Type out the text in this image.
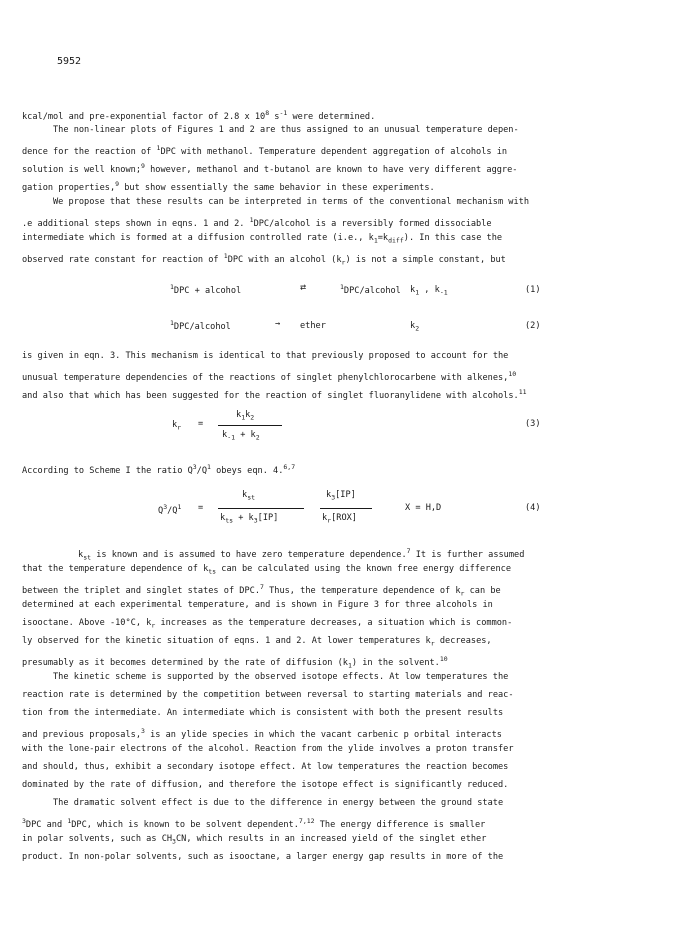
5952
kcal/mol and pre-exponential factor of 2.8 x $10^8$ $s^{-1}$ were determined.
The non-linear plots of Figures 1 and 2 are thus assigned to an unusual temperature depen-
dence for the reaction of $^1$DPC with methanol. Temperature dependent aggregation of alcohols in
solution is well known;$^9$ however, methanol and t-butanol are known to have very different aggre-
gation properties,$^9$ but show essentially the same behavior in these experiments.
We propose that these results can be interpreted in terms of the conventional mechanism with
.e additional steps shown in eqns. 1 and 2. $^1$DPC/alcohol is a reversibly formed dissociable
intermediate which is formed at a diffusion controlled rate (i.e., $k_1=k_{diff}$). In this case the
observed rate constant for reaction of $^1$DPC with an alcohol $(k_r)$ is not a simple constant, but
$^1$DPC + alcohol	⇄	$^1$DPC/alcohol $k_1$ , $k_{-1}$	(1)
$^1$DPC/alcohol	→ ether	$k_2$	(2)
is given in eqn. 3. This mechanism is identical to that previously proposed to account for the
unusual temperature dependencies of the reactions of singlet phenylchlorocarbene with alkenes,$^{10}$
and also that which has been suggested for the reaction of singlet fluoranylidene with alcohols.$^{11}$
$k_r$ =
$k_1k_2$
$k_{-1} + k_2$
(3)
According to Scheme I the ratio $Q^3/Q^1$ obeys eqn. 4.$^{6,7}$
$Q^3/Q^1$ =
$k_{st}$
$k_{ts} + k_3[IP]$
$k_3[IP]$
$k_r[ROX]$
X = H,D	(4)
$k_{st}$ is known and is assumed to have zero temperature dependence.$^7$ It is further assumed
that the temperature dependence of $k_{ts}$ can be calculated using the known free energy difference
between the triplet and singlet states of DPC.$^7$ Thus, the temperature dependence of $k_r$ can be
determined at each experimental temperature, and is shown in Figure 3 for three alcohols in
isooctane. Above -10°C, $k_r$ increases as the temperature decreases, a situation which is common-
ly observed for the kinetic situation of eqns. 1 and 2. At lower temperatures $k_r$ decreases,
presumably as it becomes determined by the rate of diffusion $(k_1)$ in the solvent.$^{10}$
The kinetic scheme is supported by the observed isotope effects. At low temperatures the
reaction rate is determined by the competition between reversal to starting materials and reac-
tion from the intermediate. An intermediate which is consistent with both the present results
and previous proposals,$^3$ is an ylide species in which the vacant carbenic p orbital interacts
with the lone-pair electrons of the alcohol. Reaction from the ylide involves a proton transfer
and should, thus, exhibit a secondary isotope effect. At low temperatures the reaction becomes
dominated by the rate of diffusion, and therefore the isotope effect is significantly reduced.
The dramatic solvent effect is due to the difference in energy between the ground state
$^3$DPC and $^1$DPC, which is known to be solvent dependent.$^{7,12}$ The energy difference is smaller
in polar solvents, such as $CH_3CN$, which results in an increased yield of the singlet ether
product. In non-polar solvents, such as isooctane, a larger energy gap results in more of the
